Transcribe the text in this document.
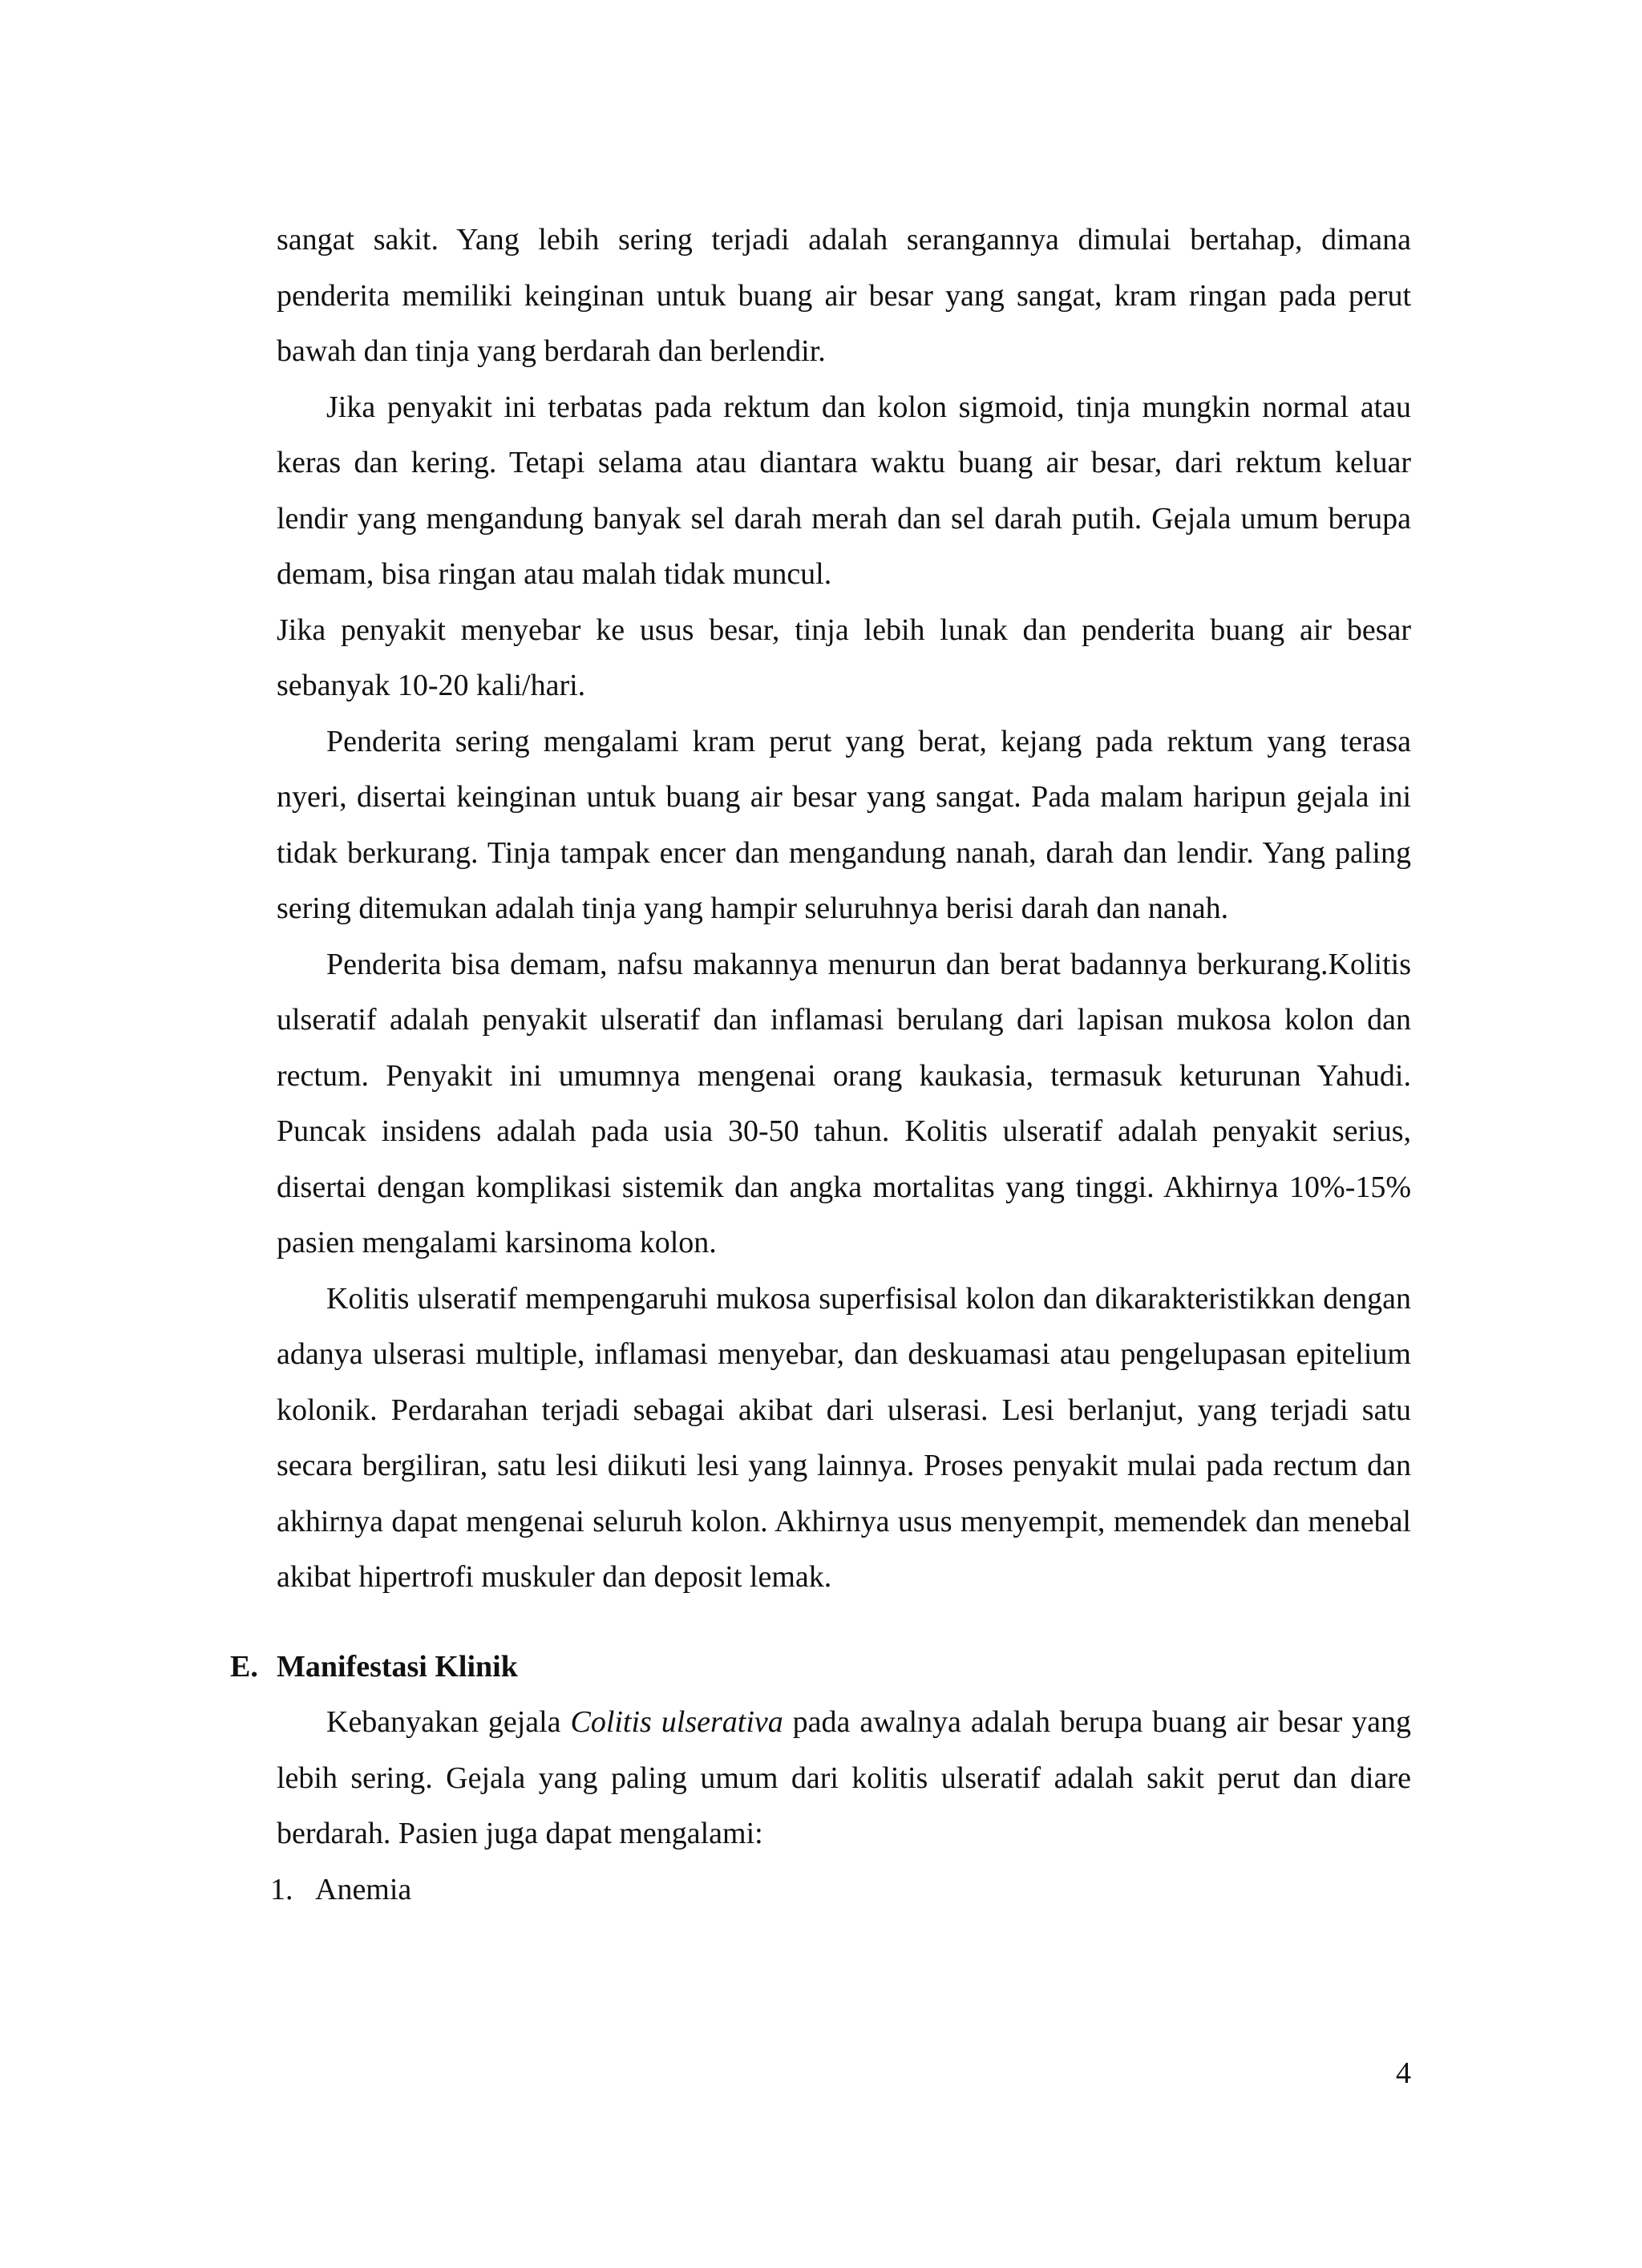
sangat sakit. Yang lebih sering terjadi adalah serangannya dimulai bertahap, dimana penderita memiliki keinginan untuk buang air besar yang sangat, kram ringan pada perut bawah dan tinja yang berdarah dan berlendir.

Jika penyakit ini terbatas pada rektum dan kolon sigmoid, tinja mungkin normal atau keras dan kering. Tetapi selama atau diantara waktu buang air besar, dari rektum keluar lendir yang mengandung banyak sel darah merah dan sel darah putih. Gejala umum berupa demam, bisa ringan atau malah tidak muncul.

Jika penyakit menyebar ke usus besar, tinja lebih lunak dan penderita buang air besar sebanyak 10-20 kali/hari.

Penderita sering mengalami kram perut yang berat, kejang pada rektum yang terasa nyeri, disertai keinginan untuk buang air besar yang sangat. Pada malam haripun gejala ini tidak berkurang. Tinja tampak encer dan mengandung nanah, darah dan lendir. Yang paling sering ditemukan adalah tinja yang hampir seluruhnya berisi darah dan nanah.

Penderita bisa demam, nafsu makannya menurun dan berat badannya berkurang.Kolitis ulseratif adalah penyakit ulseratif dan inflamasi berulang dari lapisan mukosa kolon dan rectum. Penyakit ini umumnya mengenai orang kaukasia, termasuk keturunan Yahudi. Puncak insidens adalah pada usia 30-50 tahun. Kolitis ulseratif adalah penyakit serius, disertai dengan komplikasi sistemik dan angka mortalitas yang tinggi. Akhirnya 10%-15% pasien mengalami karsinoma kolon.

Kolitis ulseratif mempengaruhi mukosa superfisisal kolon dan dikarakteristikkan dengan adanya ulserasi multiple, inflamasi menyebar, dan deskuamasi atau pengelupasan epitelium kolonik. Perdarahan terjadi sebagai akibat dari ulserasi. Lesi berlanjut, yang terjadi satu secara bergiliran, satu lesi diikuti lesi yang lainnya. Proses penyakit mulai pada rectum dan akhirnya dapat mengenai seluruh kolon. Akhirnya usus menyempit, memendek dan menebal akibat hipertrofi muskuler dan deposit lemak.

E. Manifestasi Klinik

Kebanyakan gejala Colitis ulserativa pada awalnya adalah berupa buang air besar yang lebih sering. Gejala yang paling umum dari kolitis ulseratif adalah sakit perut dan diare berdarah. Pasien juga dapat mengalami:

1. Anemia

4
